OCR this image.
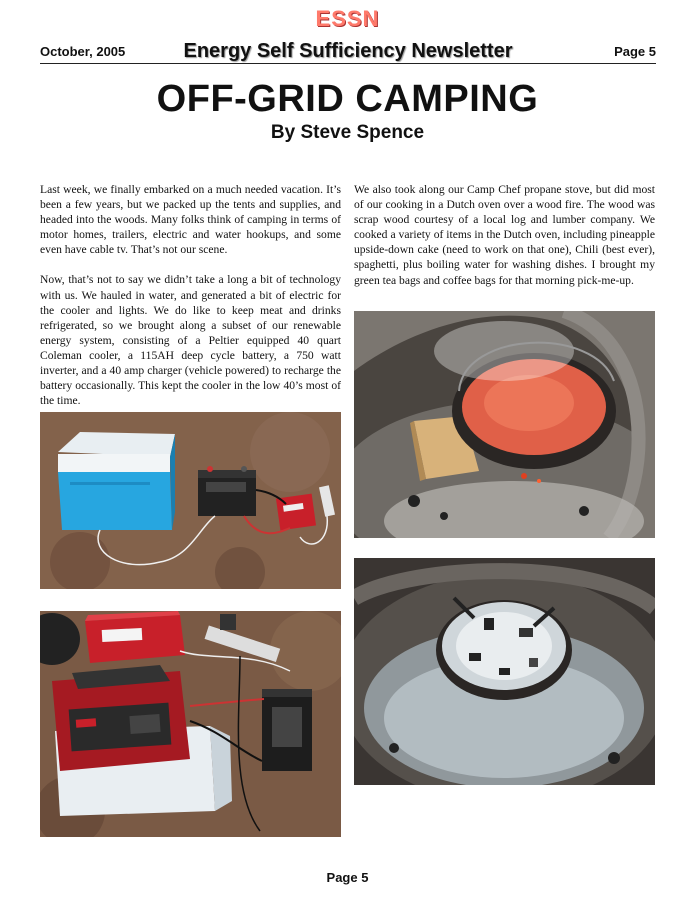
ESSN
October, 2005	Energy Self Sufficiency Newsletter	Page 5
OFF-GRID CAMPING
By Steve Spence

Last week, we finally embarked on a much needed vacation. It’s been a few years, but we packed up the tents and supplies, and headed into the woods. Many folks think of camping in terms of motor homes, trailers, electric and water hookups, and some even have cable tv. That’s not our scene.

Now, that’s not to say we didn’t take a long a bit of technology with us. We hauled in water, and generated a bit of electric for the cooler and lights. We do like to keep meat and drinks refrigerated, so we brought along a subset of our renewable energy system, consisting of a Peltier equipped 40 quart Coleman cooler, a 115AH deep cycle battery, a 750 watt inverter, and a 40 amp charger (vehicle powered) to recharge the battery occasionally. This kept the cooler in the low 40’s most of the time.

We also took along our Camp Chef propane stove, but did most of our cooking in a Dutch oven over a wood fire. The wood was scrap wood courtesy of a local log and lumber company. We cooked a variety of items in the Dutch oven, including pineapple upside-down cake (need to work on that one), Chili (best ever), spaghetti, plus boiling water for washing dishes. I brought my green tea bags and coffee bags for that morning pick-me-up.

Page 5
